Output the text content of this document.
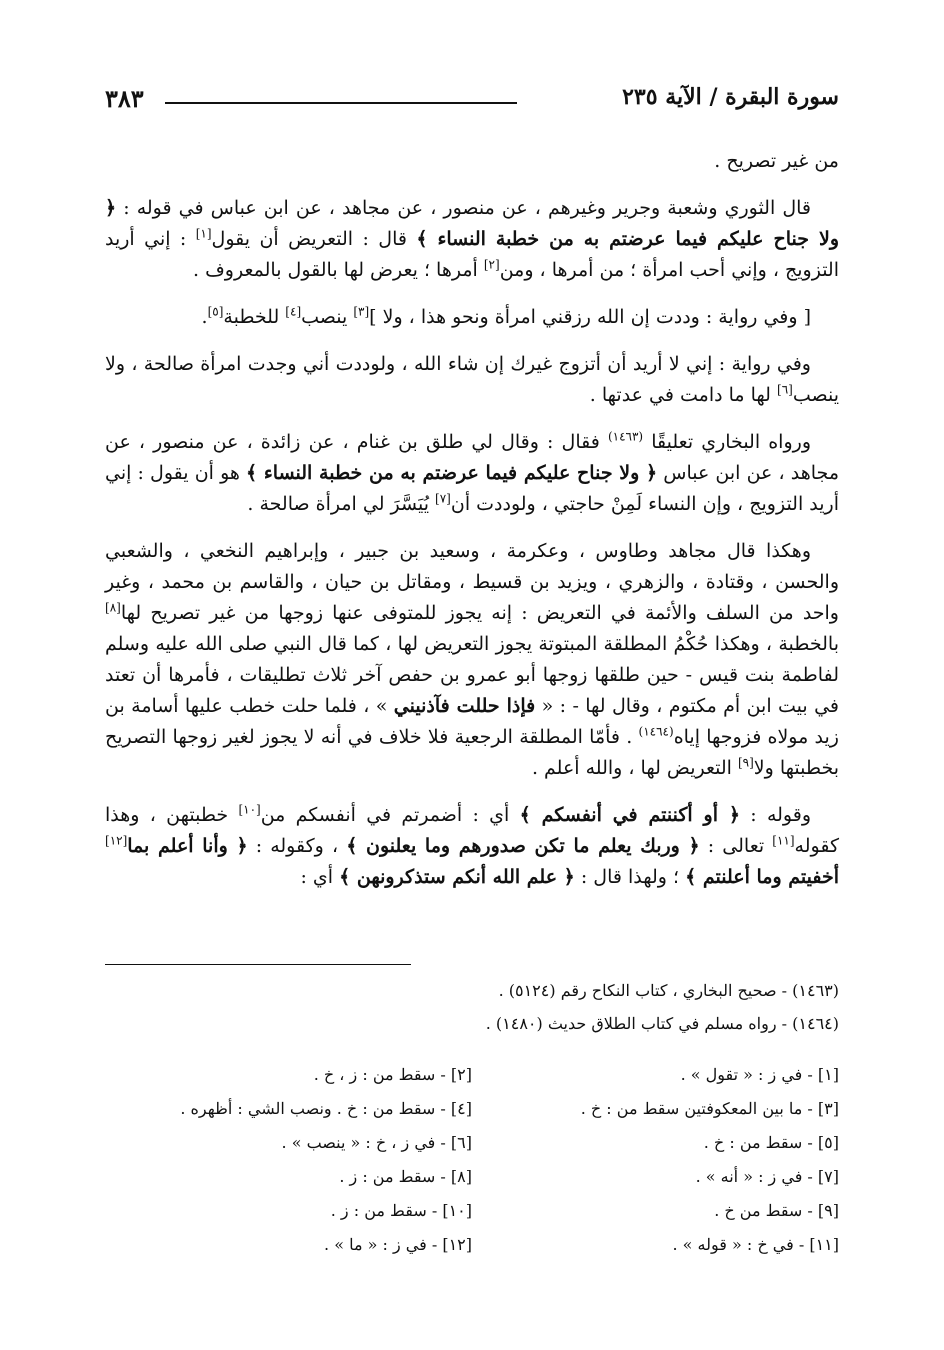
سورة البقرة / الآية ٢٣٥
٣٨٣

من غير تصريح .

قال الثوري وشعبة وجرير وغيرهم ، عن منصور ، عن مجاهد ، عن ابن عباس في قوله : ﴿ ولا جناح عليكم فيما عرضتم به من خطبة النساء ﴾ قال : التعريض أن يقول[١] : إني أريد التزويج ، وإني أحب امرأة ؛ من أمرها ، ومن[٢] أمرها ؛ يعرض لها بالقول بالمعروف .

[ وفي رواية : وددت إن الله رزقني امرأة ونحو هذا ، ولا ][٣] ينصب[٤] للخطبة[٥].

وفي رواية : إني لا أريد أن أتزوج غيرك إن شاء الله ، ولوددت أني وجدت امرأة صالحة ، ولا ينصب[٦] لها ما دامت في عدتها .

ورواه البخاري تعليقًا $^{(١٤٦٣)}$ فقال : وقال لي طلق بن غنام ، عن زائدة ، عن منصور ، عن مجاهد ، عن ابن عباس ﴿ ولا جناح عليكم فيما عرضتم به من خطبة النساء ﴾ هو أن يقول : إني أريد التزويج ، وإن النساء لَمِنْ حاجتي ، ولوددت أن[٧] يُيَسَّرَ لي امرأة صالحة .

وهكذا قال مجاهد وطاوس ، وعكرمة ، وسعيد بن جبير ، وإبراهيم النخعي ، والشعبي والحسن ، وقتادة ، والزهري ، ويزيد بن قسيط ، ومقاتل بن حيان ، والقاسم بن محمد ، وغير واحد من السلف والأئمة في التعريض : إنه يجوز للمتوفى عنها زوجها من غير تصريح لها[٨] بالخطبة ، وهكذا حُكْمُ المطلقة المبتوتة يجوز التعريض لها ، كما قال النبي صلى الله عليه وسلم لفاطمة بنت قيس - حين طلقها زوجها أبو عمرو بن حفص آخر ثلاث تطليقات ، فأمرها أن تعتد في بيت ابن أم مكتوم ، وقال لها - : « فإذا حللت فآذنيني » ، فلما حلت خطب عليها أسامة بن زيد مولاه فزوجها إياه$^{(١٤٦٤)}$ . فأمّا المطلقة الرجعية فلا خلاف في أنه لا يجوز لغير زوجها التصريح بخطبتها ولا[٩] التعريض لها ، والله أعلم .

وقوله : ﴿ أو أكننتم في أنفسكم ﴾ أي : أضمرتم في أنفسكم من[١٠] خطبتهن ، وهذا كقوله[١١] تعالى : ﴿ وربك يعلم ما تكن صدورهم وما يعلنون ﴾ ، وكقوله : ﴿ وأنا أعلم بما[١٢] أخفيتم وما أعلنتم ﴾ ؛ ولهذا قال : ﴿ علم الله أنكم ستذكرونهن ﴾ أي :

(١٤٦٣) - صحيح البخاري ، كتاب النكاح رقم (٥١٢٤) .

(١٤٦٤) - رواه مسلم في كتاب الطلاق حديث (١٤٨٠) .

[١] - في ز : « تقول » .
[٢] - سقط من : ز ، خ .
[٣] - ما بين المعكوفتين سقط من : خ .
[٤] - سقط من : خ . ونصب الشي : أظهره .
[٥] - سقط من : خ .
[٦] - في ز ، خ : « ينصب » .
[٧] - في ز : « أنه » .
[٨] - سقط من : ز .
[٩] - سقط من خ .
[١٠] - سقط من : ز .
[١١] - في خ : « قوله » .
[١٢] - في ز : « ما » .
